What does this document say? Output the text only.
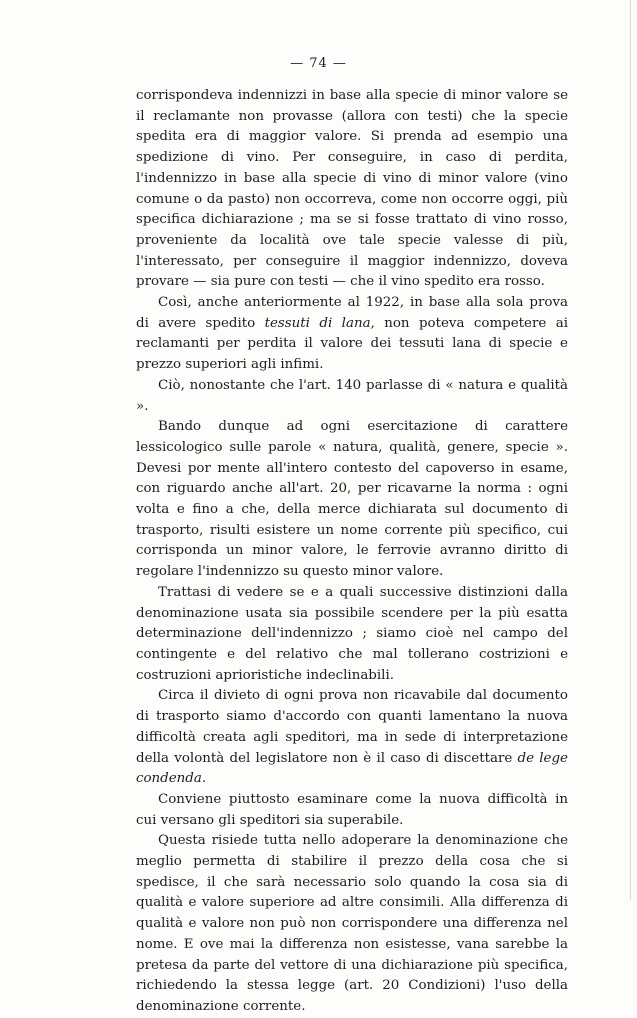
— 74 —

corrispondeva indennizzi in base alla specie di minor valore se il reclamante non provasse (allora con testi) che la specie spedita era di maggior valore. Si prenda ad esempio una spedizione di vino. Per conseguire, in caso di perdita, l'indennizzo in base alla specie di vino di minor valore (vino comune o da pasto) non occorreva, come non occorre oggi, più specifica dichiarazione ; ma se si fosse trattato di vino rosso, proveniente da località ove tale specie valesse di più, l'interessato, per conseguire il maggior indennizzo, doveva provare — sia pure con testi — che il vino spedito era rosso.

Così, anche anteriormente al 1922, in base alla sola prova di avere spedito tessuti di lana, non poteva competere ai reclamanti per perdita il valore dei tessuti lana di specie e prezzo superiori agli infimi.

Ciò, nonostante che l'art. 140 parlasse di « natura e qualità ».

Bando dunque ad ogni esercitazione di carattere lessicologico sulle parole « natura, qualità, genere, specie ». Devesi por mente all'intero contesto del capoverso in esame, con riguardo anche all'art. 20, per ricavarne la norma : ogni volta e fino a che, della merce dichiarata sul documento di trasporto, risulti esistere un nome corrente più specifico, cui corrisponda un minor valore, le ferrovie avranno diritto di regolare l'indennizzo su questo minor valore.

Trattasi di vedere se e a quali successive distinzioni dalla denominazione usata sia possibile scendere per la più esatta determinazione dell'indennizzo ; siamo cioè nel campo del contingente e del relativo che mal tollerano costrizioni e costruzioni aprioristiche indeclinabili.

Circa il divieto di ogni prova non ricavabile dal documento di trasporto siamo d'accordo con quanti lamentano la nuova difficoltà creata agli speditori, ma in sede di interpretazione della volontà del legislatore non è il caso di discettare de lege condenda.

Conviene piuttosto esaminare come la nuova difficoltà in cui versano gli speditori sia superabile.

Questa risiede tutta nello adoperare la denominazione che meglio permetta di stabilire il prezzo della cosa che si spedisce, il che sarà necessario solo quando la cosa sia di qualità e valore superiore ad altre consimili. Alla differenza di qualità e valore non può non corrispondere una differenza nel nome. E ove mai la differenza non esistesse, vana sarebbe la pretesa da parte del vettore di una dichiarazione più specifica, richiedendo la stessa legge (art. 20 Condizioni) l'uso della denominazione corrente.
